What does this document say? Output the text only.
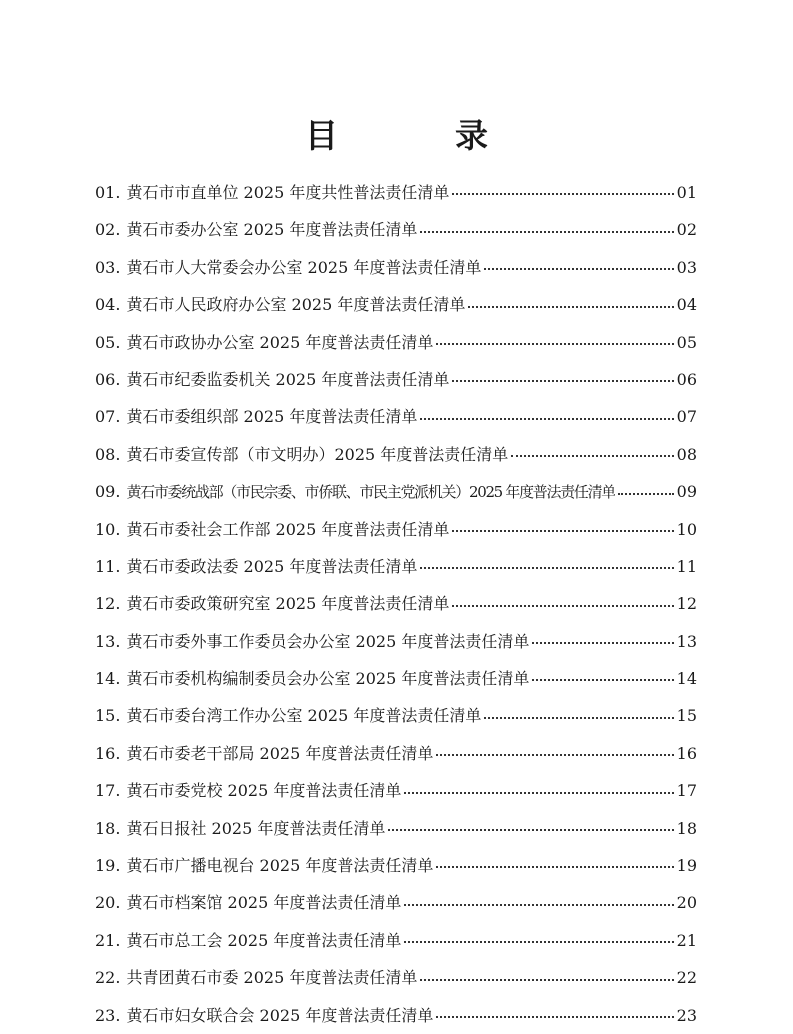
目　录
01. 黄石市市直单位 2025 年度共性普法责任清单	01
02. 黄石市委办公室 2025 年度普法责任清单	02
03. 黄石市人大常委会办公室 2025 年度普法责任清单	03
04. 黄石市人民政府办公室 2025 年度普法责任清单	04
05. 黄石市政协办公室 2025 年度普法责任清单	05
06. 黄石市纪委监委机关 2025 年度普法责任清单	06
07. 黄石市委组织部 2025 年度普法责任清单	07
08. 黄石市委宣传部（市文明办）2025 年度普法责任清单	08
09. 黄石市委统战部（市民宗委、市侨联、市民主党派机关）2025 年度普法责任清单	09
10. 黄石市委社会工作部 2025 年度普法责任清单	10
11. 黄石市委政法委 2025 年度普法责任清单	11
12. 黄石市委政策研究室 2025 年度普法责任清单	12
13. 黄石市委外事工作委员会办公室 2025 年度普法责任清单	13
14. 黄石市委机构编制委员会办公室 2025 年度普法责任清单	14
15. 黄石市委台湾工作办公室 2025 年度普法责任清单	15
16. 黄石市委老干部局 2025 年度普法责任清单	16
17. 黄石市委党校 2025 年度普法责任清单	17
18. 黄石日报社 2025 年度普法责任清单	18
19. 黄石市广播电视台 2025 年度普法责任清单	19
20. 黄石市档案馆 2025 年度普法责任清单	20
21. 黄石市总工会 2025 年度普法责任清单	21
22. 共青团黄石市委 2025 年度普法责任清单	22
23. 黄石市妇女联合会 2025 年度普法责任清单	23
